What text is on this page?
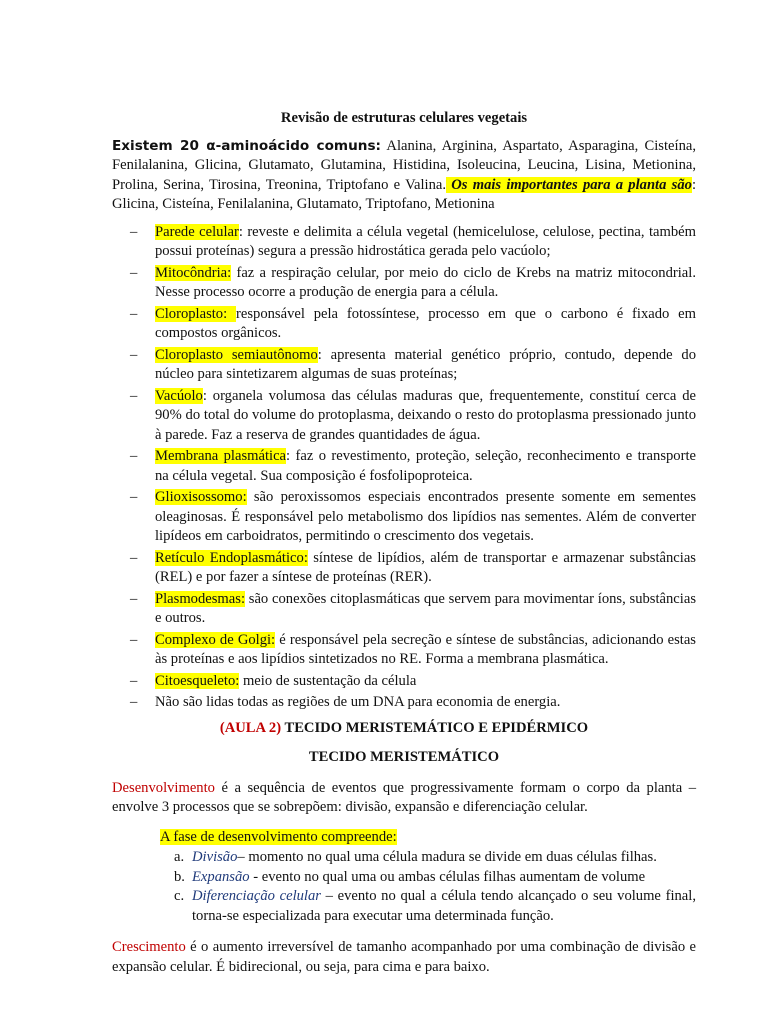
Revisão de estruturas celulares vegetais

Existem 20 α-aminoácido comuns: Alanina, Arginina, Aspartato, Asparagina, Cisteína, Fenilalanina, Glicina, Glutamato, Glutamina, Histidina, Isoleucina, Leucina, Lisina, Metionina, Prolina, Serina, Tirosina, Treonina, Triptofano e Valina. Os mais importantes para a planta são: Glicina, Cisteína, Fenilalanina, Glutamato, Triptofano, Metionina

– Parede celular: reveste e delimita a célula vegetal (hemicelulose, celulose, pectina, também possui proteínas) segura a pressão hidrostática gerada pelo vacúolo;
– Mitocôndria: faz a respiração celular, por meio do ciclo de Krebs na matriz mitocondrial. Nesse processo ocorre a produção de energia para a célula.
– Cloroplasto: responsável pela fotossíntese, processo em que o carbono é fixado em compostos orgânicos.
– Cloroplasto semiautônomo: apresenta material genético próprio, contudo, depende do núcleo para sintetizarem algumas de suas proteínas;
– Vacúolo: organela volumosa das células maduras que, frequentemente, constituí cerca de 90% do total do volume do protoplasma, deixando o resto do protoplasma pressionado junto à parede. Faz a reserva de grandes quantidades de água.
– Membrana plasmática: faz o revestimento, proteção, seleção, reconhecimento e transporte na célula vegetal. Sua composição é fosfolipoproteica.
– Glioxisossomo: são peroxissomos especiais encontrados presente somente em sementes oleaginosas. É responsável pelo metabolismo dos lipídios nas sementes. Além de converter lipídeos em carboidratos, permitindo o crescimento dos vegetais.
– Retículo Endoplasmático: síntese de lipídios, além de transportar e armazenar substâncias (REL) e por fazer a síntese de proteínas (RER).
– Plasmodesmas: são conexões citoplasmáticas que servem para movimentar íons, substâncias e outros.
– Complexo de Golgi: é responsável pela secreção e síntese de substâncias, adicionando estas às proteínas e aos lipídios sintetizados no RE. Forma a membrana plasmática.
– Citoesqueleto: meio de sustentação da célula
– Não são lidas todas as regiões de um DNA para economia de energia.

(AULA 2) TECIDO MERISTEMÁTICO E EPIDÉRMICO

TECIDO MERISTEMÁTICO

Desenvolvimento é a sequência de eventos que progressivamente formam o corpo da planta – envolve 3 processos que se sobrepõem: divisão, expansão e diferenciação celular.

A fase de desenvolvimento compreende:

a. Divisão– momento no qual uma célula madura se divide em duas células filhas.
b. Expansão - evento no qual uma ou ambas células filhas aumentam de volume
c. Diferenciação celular – evento no qual a célula tendo alcançado o seu volume final, torna-se especializada para executar uma determinada função.

Crescimento é o aumento irreversível de tamanho acompanhado por uma combinação de divisão e expansão celular. É bidirecional, ou seja, para cima e para baixo.
